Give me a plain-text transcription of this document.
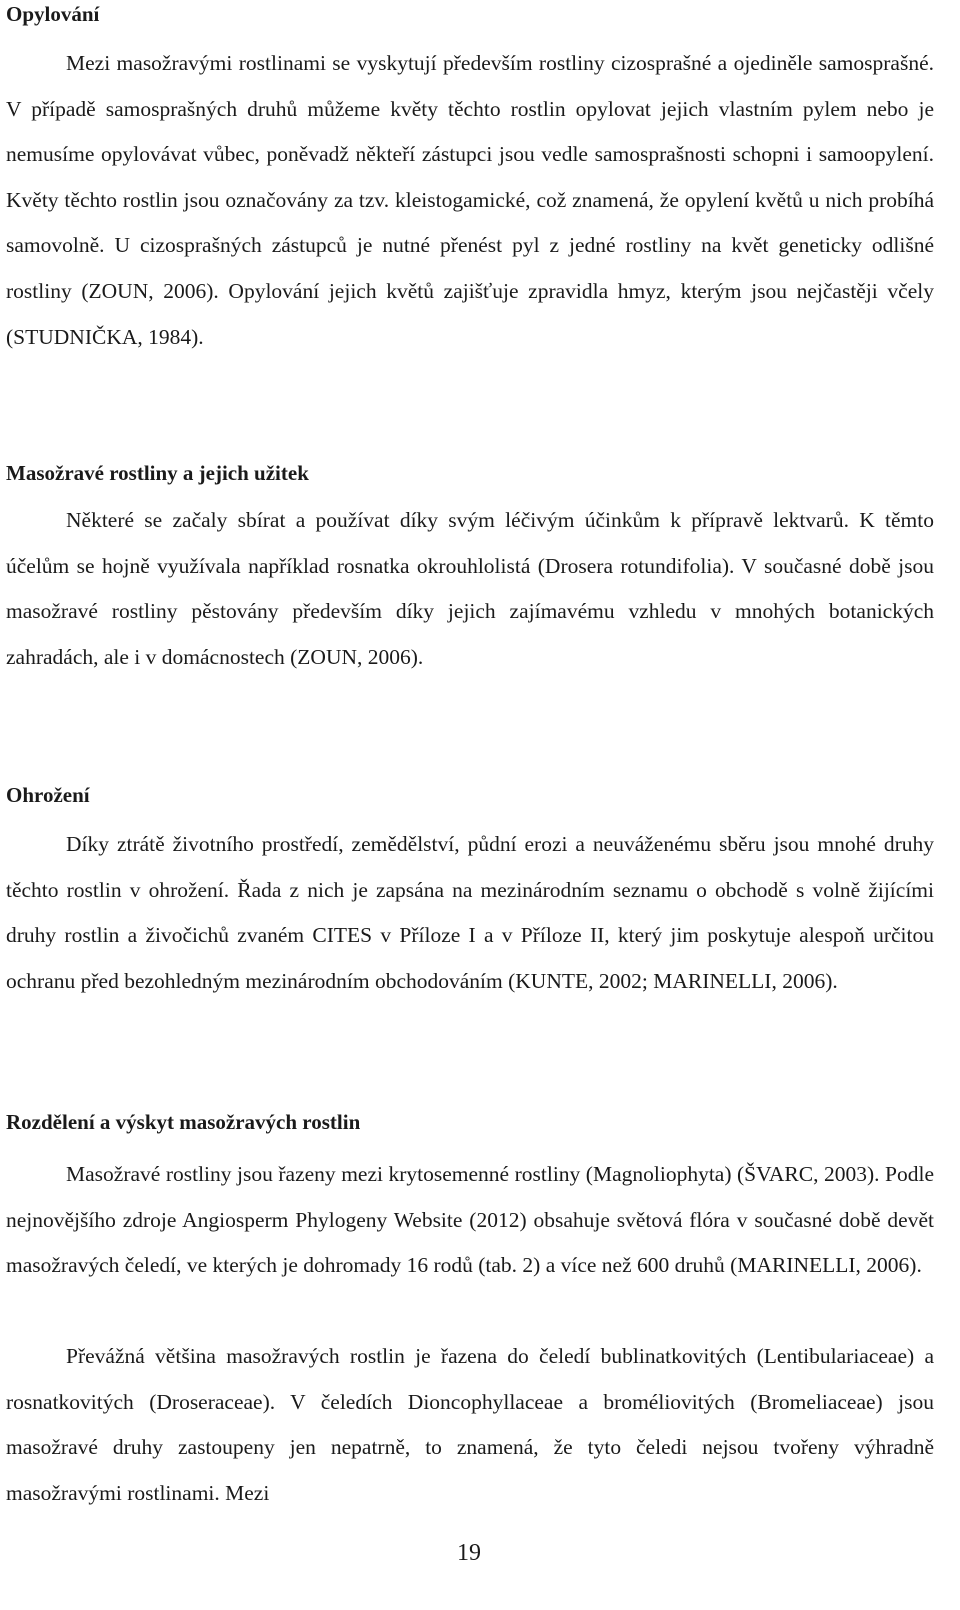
Opylování

Mezi masožravými rostlinami se vyskytují především rostliny cizosprašné a ojediněle samosprašné. V případě samosprašných druhů můžeme květy těchto rostlin opylovat jejich vlastním pylem nebo je nemusíme opylovávat vůbec, poněvadž někteří zástupci jsou vedle samosprašnosti schopni i samoopylení. Květy těchto rostlin jsou označovány za tzv. kleistogamické, což znamená, že opylení květů u nich probíhá samovolně. U cizosprašných zástupců je nutné přenést pyl z jedné rostliny na květ geneticky odlišné rostliny (ZOUN, 2006). Opylování jejich květů zajišťuje zpravidla hmyz, kterým jsou nejčastěji včely (STUDNIČKA, 1984).

Masožravé rostliny a jejich užitek

Některé se začaly sbírat a používat díky svým léčivým účinkům k přípravě lektvarů. K těmto účelům se hojně využívala například rosnatka okrouhlolistá (Drosera rotundifolia). V současné době jsou masožravé rostliny pěstovány především díky jejich zajímavému vzhledu v mnohých botanických zahradách, ale i v domácnostech (ZOUN, 2006).

Ohrožení

Díky ztrátě životního prostředí, zemědělství, půdní erozi a neuváženému sběru jsou mnohé druhy těchto rostlin v ohrožení. Řada z nich je zapsána na mezinárodním seznamu o obchodě s volně žijícími druhy rostlin a živočichů zvaném CITES v Příloze I a v Příloze II, který jim poskytuje alespoň určitou ochranu před bezohledným mezinárodním obchodováním (KUNTE, 2002; MARINELLI, 2006).

Rozdělení a výskyt masožravých rostlin

Masožravé rostliny jsou řazeny mezi krytosemenné rostliny (Magnoliophyta) (ŠVARC, 2003). Podle nejnovějšího zdroje Angiosperm Phylogeny Website (2012) obsahuje světová flóra v současné době devět masožravých čeledí, ve kterých je dohromady 16 rodů (tab. 2) a více než 600 druhů (MARINELLI, 2006).

Převážná většina masožravých rostlin je řazena do čeledí bublinatkovitých (Lentibulariaceae) a rosnatkovitých (Droseraceae). V čeledích Dioncophyllaceae a broméliovitých (Bromeliaceae) jsou masožravé druhy zastoupeny jen nepatrně, to znamená, že tyto čeledi nejsou tvořeny výhradně masožravými rostlinami. Mezi

19
